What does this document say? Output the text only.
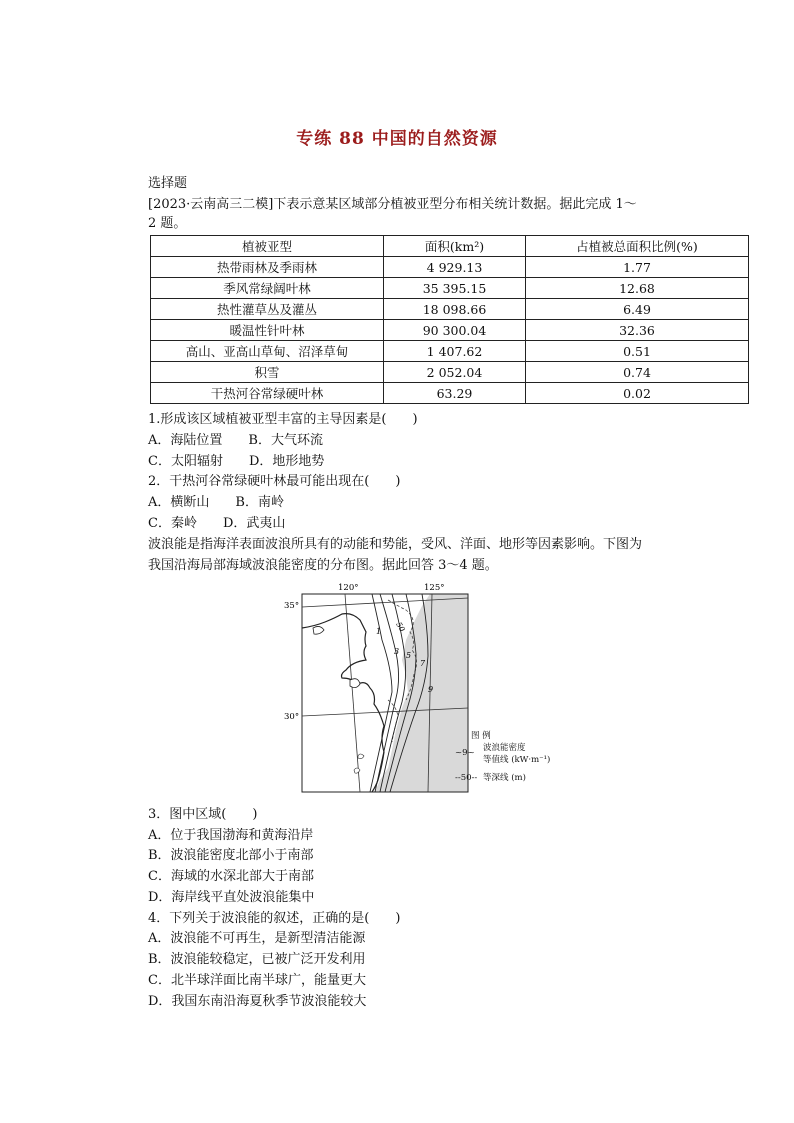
专练 88 中国的自然资源
选择题
[2023·云南高三二模]下表示意某区域部分植被亚型分布相关统计数据。据此完成 1～
2 题。
植被亚型	面积(km²)	占植被总面积比例(%)
热带雨林及季雨林	4 929.13	1.77
季风常绿阔叶林	35 395.15	12.68
热性灌草丛及灌丛	18 098.66	6.49
暖温性针叶林	90 300.04	32.36
高山、亚高山草甸、沼泽草甸	1 407.62	0.51
积雪	2 052.04	0.74
干热河谷常绿硬叶林	63.29	0.02
1.形成该区域植被亚型丰富的主导因素是(　　)
A．海陆位置　　B．大气环流
C．太阳辐射　　D．地形地势
2．干热河谷常绿硬叶林最可能出现在(　　)
A．横断山　　B．南岭
C．秦岭　　D．武夷山
波浪能是指海洋表面波浪所具有的动能和势能，受风、洋面、地形等因素影响。下图为
我国沿海局部海域波浪能密度的分布图。据此回答 3～4 题。
120°	125°
35°
30°
1
3 5
7
9
50
图 例
~9~ 波浪能密度
等值线 (kW·m⁻¹)
--50-- 等深线 (m)
3．图中区域(　　)
A．位于我国渤海和黄海沿岸
B．波浪能密度北部小于南部
C．海域的水深北部大于南部
D．海岸线平直处波浪能集中
4．下列关于波浪能的叙述，正确的是(　　)
A．波浪能不可再生，是新型清洁能源
B．波浪能较稳定，已被广泛开发利用
C．北半球洋面比南半球广，能量更大
D．我国东南沿海夏秋季节波浪能较大
